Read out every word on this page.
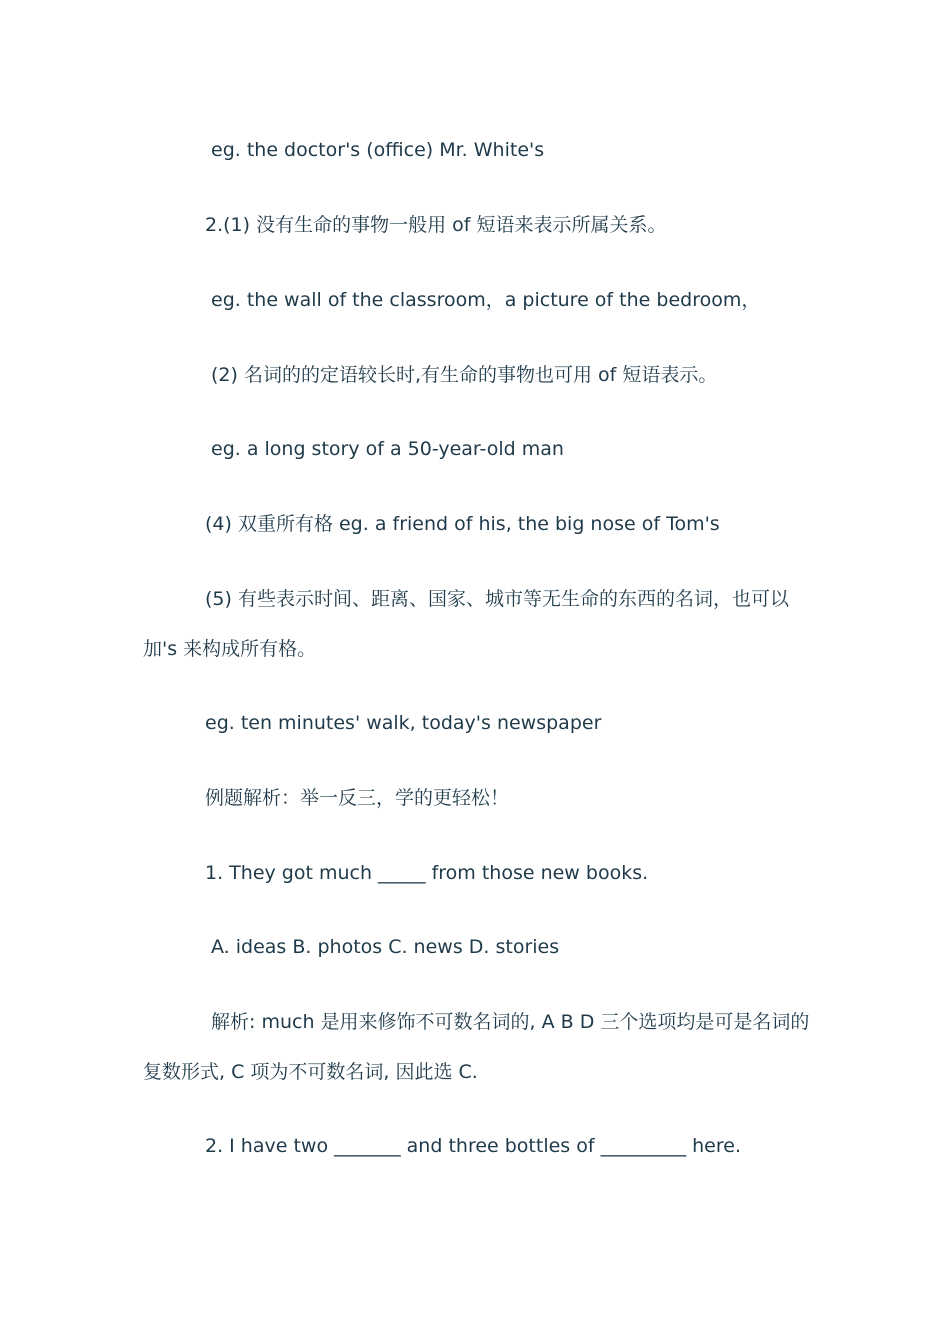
eg. the doctor's (office) Mr. White's

2.(1) 没有生命的事物一般用 of 短语来表示所属关系。

eg. the wall of the classroom，a picture of the bedroom，

(2) 名词的的定语较长时,有生命的事物也可用 of 短语表示。

eg. a long story of a 50-year-old man

(4) 双重所有格 eg. a friend of his, the big nose of Tom's

(5) 有些表示时间、距离、国家、城市等无生命的东西的名词，也可以

加's 来构成所有格。

eg. ten minutes' walk, today's newspaper

例题解析：举一反三，学的更轻松！

1. They got much _____ from those new books.

A. ideas B. photos C. news D. stories

解析: much 是用来修饰不可数名词的, A B D 三个选项均是可是名词的

复数形式, C 项为不可数名词, 因此选 C.

2. I have two _______ and three bottles of _________ here.
